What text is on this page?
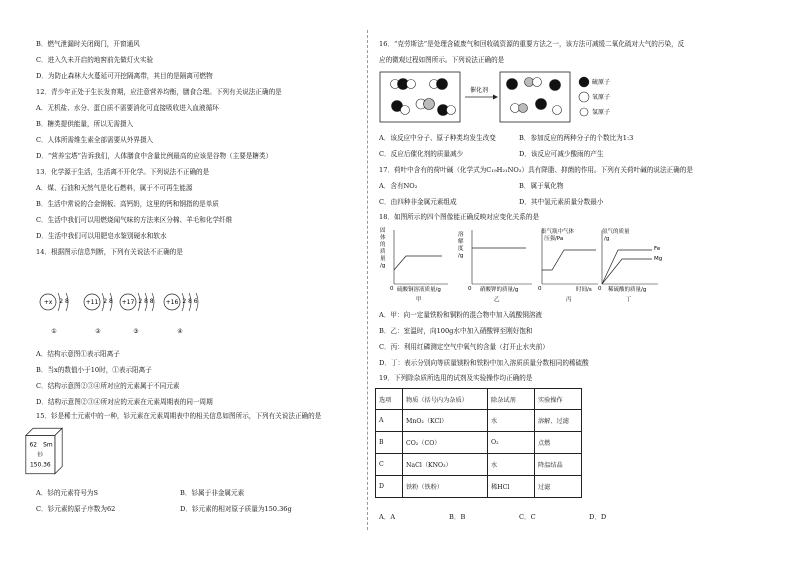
B．燃气泄漏时关闭阀门，开窗通风
C．进入久未开启的地窖前先做灯火实验
D．为防止森林大火蔓延可开挖隔离带，其目的是隔离可燃物
12．青少年正处于生长发育期，应注意营养均衡，膳食合理。下列有关说法正确的是
A．无机盐、水分、蛋白质不需要消化可直接吸收进入血液循环
B．糖类提供能量，所以无需摄入
C．人体所需维生素全部需要从外界摄入
D．“营养宝塔”告诉我们，人体膳食中含量比例最高的应该是谷物（主要是糖类）
13．化学源于生活，生活离不开化学。下列说法不正确的是
A．煤、石油和天然气是化石燃料，属于不可再生能源
B．生活中常说的合金钢板、高钙奶，这里的钙和钢指的是单质
C．生活中我们可以用燃烧闻气味的方法来区分棉、羊毛和化学纤维
D．生活中我们可以用肥皂水鉴别硬水和软水
14．根据图示信息判断，下列有关说法不正确的是
+x 2 8
①
+11 2 8
②
+17 2 8 8
③
+16 2 8 6
④
A．结构示意图①表示阳离子
B．当x的数值小于10时，①表示阳离子
C．结构示意图②③④所对应的元素属于不同元素
D．结构示意图②③④所对应的元素在元素周期表的同一周期
15．钐是稀土元素中的一种，钐元素在元素周期表中的相关信息如图所示，下列有关说法正确的是
62 Sm
钐
150.36
A．钐的元素符号为S	B．钐属于非金属元素
C．钐元素的原子序数为62	D．钐元素的相对原子质量为150.36g
16．“克劳斯法”是处理含硫废气和回收硫资源的重要方法之一，该方法可减缓二氧化硫对大气的污染，反
应的微观过程如图所示。下列说法正确的是
催化剂
硫原子
氧原子
氢原子
A．该反应中分子、原子种类均发生改变	B．参加反应的两种分子的个数比为1:3
C．反应后催化剂的质量减少	D．该反应可减少酸雨的产生
17．荷叶中含有的荷叶碱（化学式为C₁₉H₂₁NO₂）具有降脂、抑菌的作用。下列有关荷叶碱的说法正确的是
A．含有NO₂	B．属于氧化物
C．由四种非金属元素组成	D．其中氢元素质量分数最小
18．如图所示的四个图像能正确反映对应变化关系的是
固
体
的
质
量
/g
0 硫酸铜溶液质量/g
甲
溶
解
度
/g
0 硝酸钾的质量/g
乙
集气瓶中气体
压强/Pa
0	时间/s
丙
氢气的质量
/g
Fe
Mg
0 稀硫酸的质量/g
丁
A．甲：向一定量铁粉和铜粉的混合物中加入硫酸铜溶液
B．乙：室温时，向100g水中加入硝酸钾至刚好饱和
C．丙：利用红磷测定空气中氧气的含量（打开止水夹前）
D．丁：表示分别向等质量镁粉和铁粉中加入溶质质量分数相同的稀硫酸
19．下列除杂质所选用的试剂及实验操作均正确的是
选项	物质（括号内为杂质）	除杂试剂	实验操作
A	MnO₂（KCl）	水	溶解、过滤
B	CO₂（CO）	O₂	点燃
C	NaCl（KNO₃）	水	降温结晶
D	铁粉（铁粉）	稀HCl	过滤
A．A	B．B	C．C	D．D
